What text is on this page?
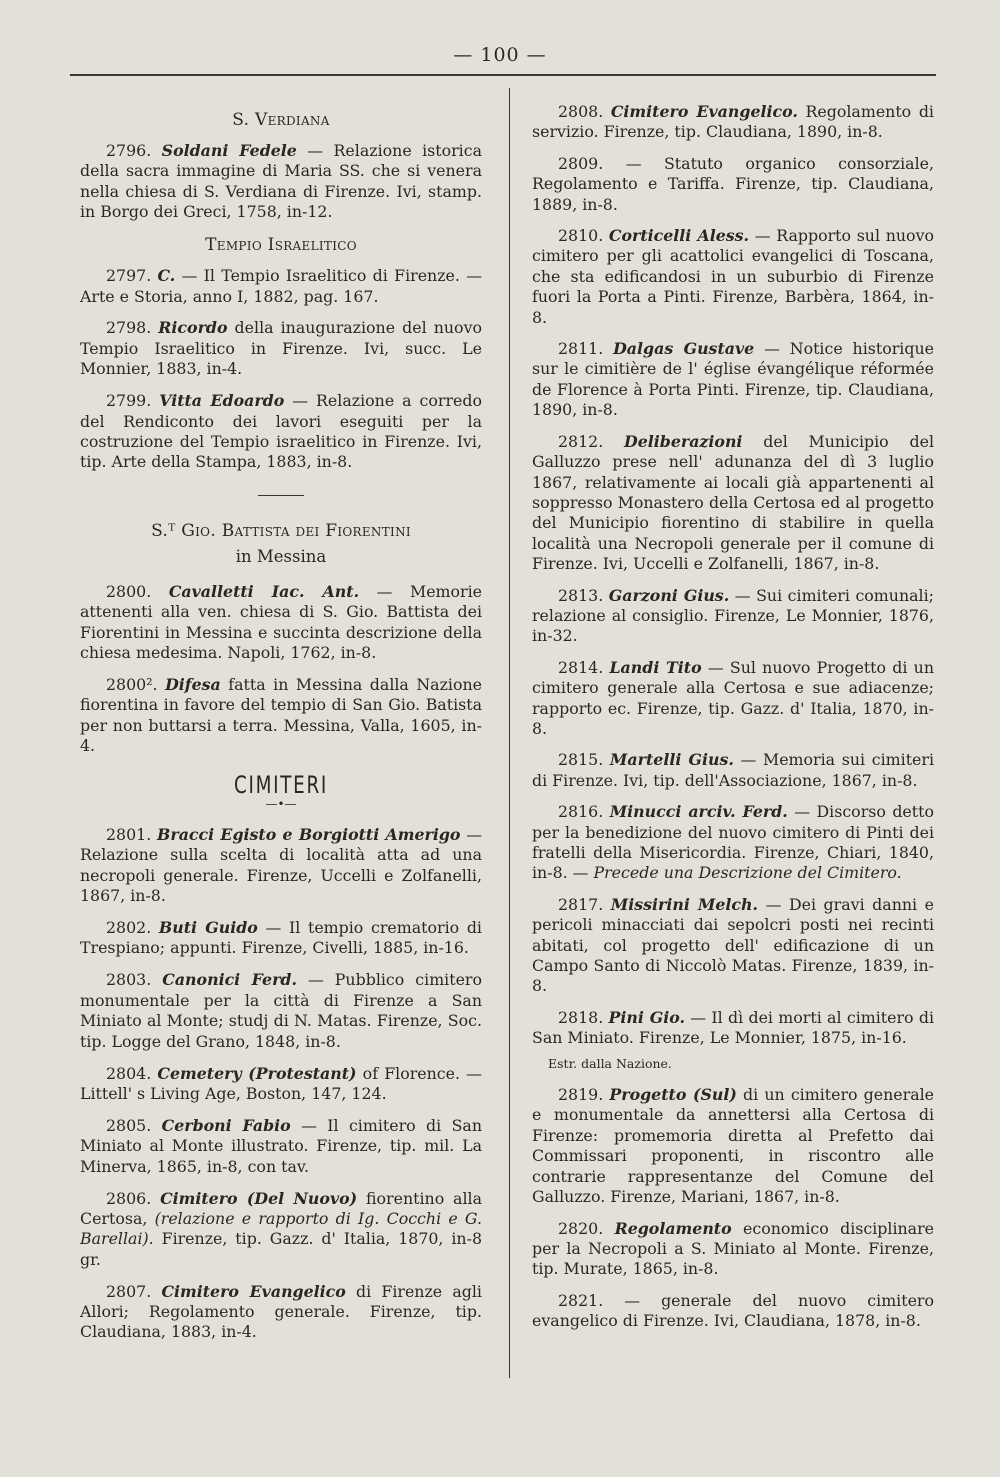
— 100 —
S. Verdiana

2796. Soldani Fedele — Relazione istorica della sacra immagine di Maria SS. che si venera nella chiesa di S. Verdiana di Firenze. Ivi, stamp. in Borgo dei Greci, 1758, in-12.

Tempio Israelitico

2797. C. — Il Tempio Israelitico di Firenze. — Arte e Storia, anno I, 1882, pag. 167.

2798. Ricordo della inaugurazione del nuovo Tempio Israelitico in Firenze. Ivi, succ. Le Monnier, 1883, in-4.

2799. Vitta Edoardo — Relazione a corredo del Rendiconto dei lavori eseguiti per la costruzione del Tempio israelitico in Firenze. Ivi, tip. Arte della Stampa, 1883, in-8.

S.ᵀ Gio. Battista dei Fiorentini
in Messina

2800. Cavalletti Iac. Ant. — Memorie attenenti alla ven. chiesa di S. Gio. Battista dei Fiorentini in Messina e succinta descrizione della chiesa medesima. Napoli, 1762, in-8.

2800². Difesa fatta in Messina dalla Nazione fiorentina in favore del tempio di San Gio. Batista per non buttarsi a terra. Messina, Valla, 1605, in-4.

CIMITERI
—•—

2801. Bracci Egisto e Borgiotti Amerigo — Relazione sulla scelta di località atta ad una necropoli generale. Firenze, Uccelli e Zolfanelli, 1867, in-8.

2802. Buti Guido — Il tempio crematorio di Trespiano; appunti. Firenze, Civelli, 1885, in-16.

2803. Canonici Ferd. — Pubblico cimitero monumentale per la città di Firenze a San Miniato al Monte; studj di N. Matas. Firenze, Soc. tip. Logge del Grano, 1848, in-8.

2804. Cemetery (Protestant) of Florence. — Littell' s Living Age, Boston, 147, 124.

2805. Cerboni Fabio — Il cimitero di San Miniato al Monte illustrato. Firenze, tip. mil. La Minerva, 1865, in-8, con tav.

2806. Cimitero (Del Nuovo) fiorentino alla Certosa, (relazione e rapporto di Ig. Cocchi e G. Barellai). Firenze, tip. Gazz. d' Italia, 1870, in-8 gr.

2807. Cimitero Evangelico di Firenze agli Allori; Regolamento generale. Firenze, tip. Claudiana, 1883, in-4.

2808. Cimitero Evangelico. Regolamento di servizio. Firenze, tip. Claudiana, 1890, in-8.

2809. — Statuto organico consorziale, Regolamento e Tariffa. Firenze, tip. Claudiana, 1889, in-8.

2810. Corticelli Aless. — Rapporto sul nuovo cimitero per gli acattolici evangelici di Toscana, che sta edificandosi in un suburbio di Firenze fuori la Porta a Pinti. Firenze, Barbèra, 1864, in-8.

2811. Dalgas Gustave — Notice historique sur le cimitière de l' église évangélique réformée de Florence à Porta Pinti. Firenze, tip. Claudiana, 1890, in-8.

2812. Deliberazioni del Municipio del Galluzzo prese nell' adunanza del dì 3 luglio 1867, relativamente ai locali già appartenenti al soppresso Monastero della Certosa ed al progetto del Municipio fiorentino di stabilire in quella località una Necropoli generale per il comune di Firenze. Ivi, Uccelli e Zolfanelli, 1867, in-8.

2813. Garzoni Gius. — Sui cimiteri comunali; relazione al consiglio. Firenze, Le Monnier, 1876, in-32.

2814. Landi Tito — Sul nuovo Progetto di un cimitero generale alla Certosa e sue adiacenze; rapporto ec. Firenze, tip. Gazz. d' Italia, 1870, in-8.

2815. Martelli Gius. — Memoria sui cimiteri di Firenze. Ivi, tip. dell'Associazione, 1867, in-8.

2816. Minucci arciv. Ferd. — Discorso detto per la benedizione del nuovo cimitero di Pinti dei fratelli della Misericordia. Firenze, Chiari, 1840, in-8. — Precede una Descrizione del Cimitero.

2817. Missirini Melch. — Dei gravi danni e pericoli minacciati dai sepolcri posti nei recinti abitati, col progetto dell' edificazione di un Campo Santo di Niccolò Matas. Firenze, 1839, in-8.

2818. Pini Gio. — Il dì dei morti al cimitero di San Miniato. Firenze, Le Monnier, 1875, in-16.

Estr. dalla Nazione.

2819. Progetto (Sul) di un cimitero generale e monumentale da annettersi alla Certosa di Firenze: promemoria diretta al Prefetto dai Commissari proponenti, in riscontro alle contrarie rappresentanze del Comune del Galluzzo. Firenze, Mariani, 1867, in-8.

2820. Regolamento economico disciplinare per la Necropoli a S. Miniato al Monte. Firenze, tip. Murate, 1865, in-8.

2821. — generale del nuovo cimitero evangelico di Firenze. Ivi, Claudiana, 1878, in-8.
